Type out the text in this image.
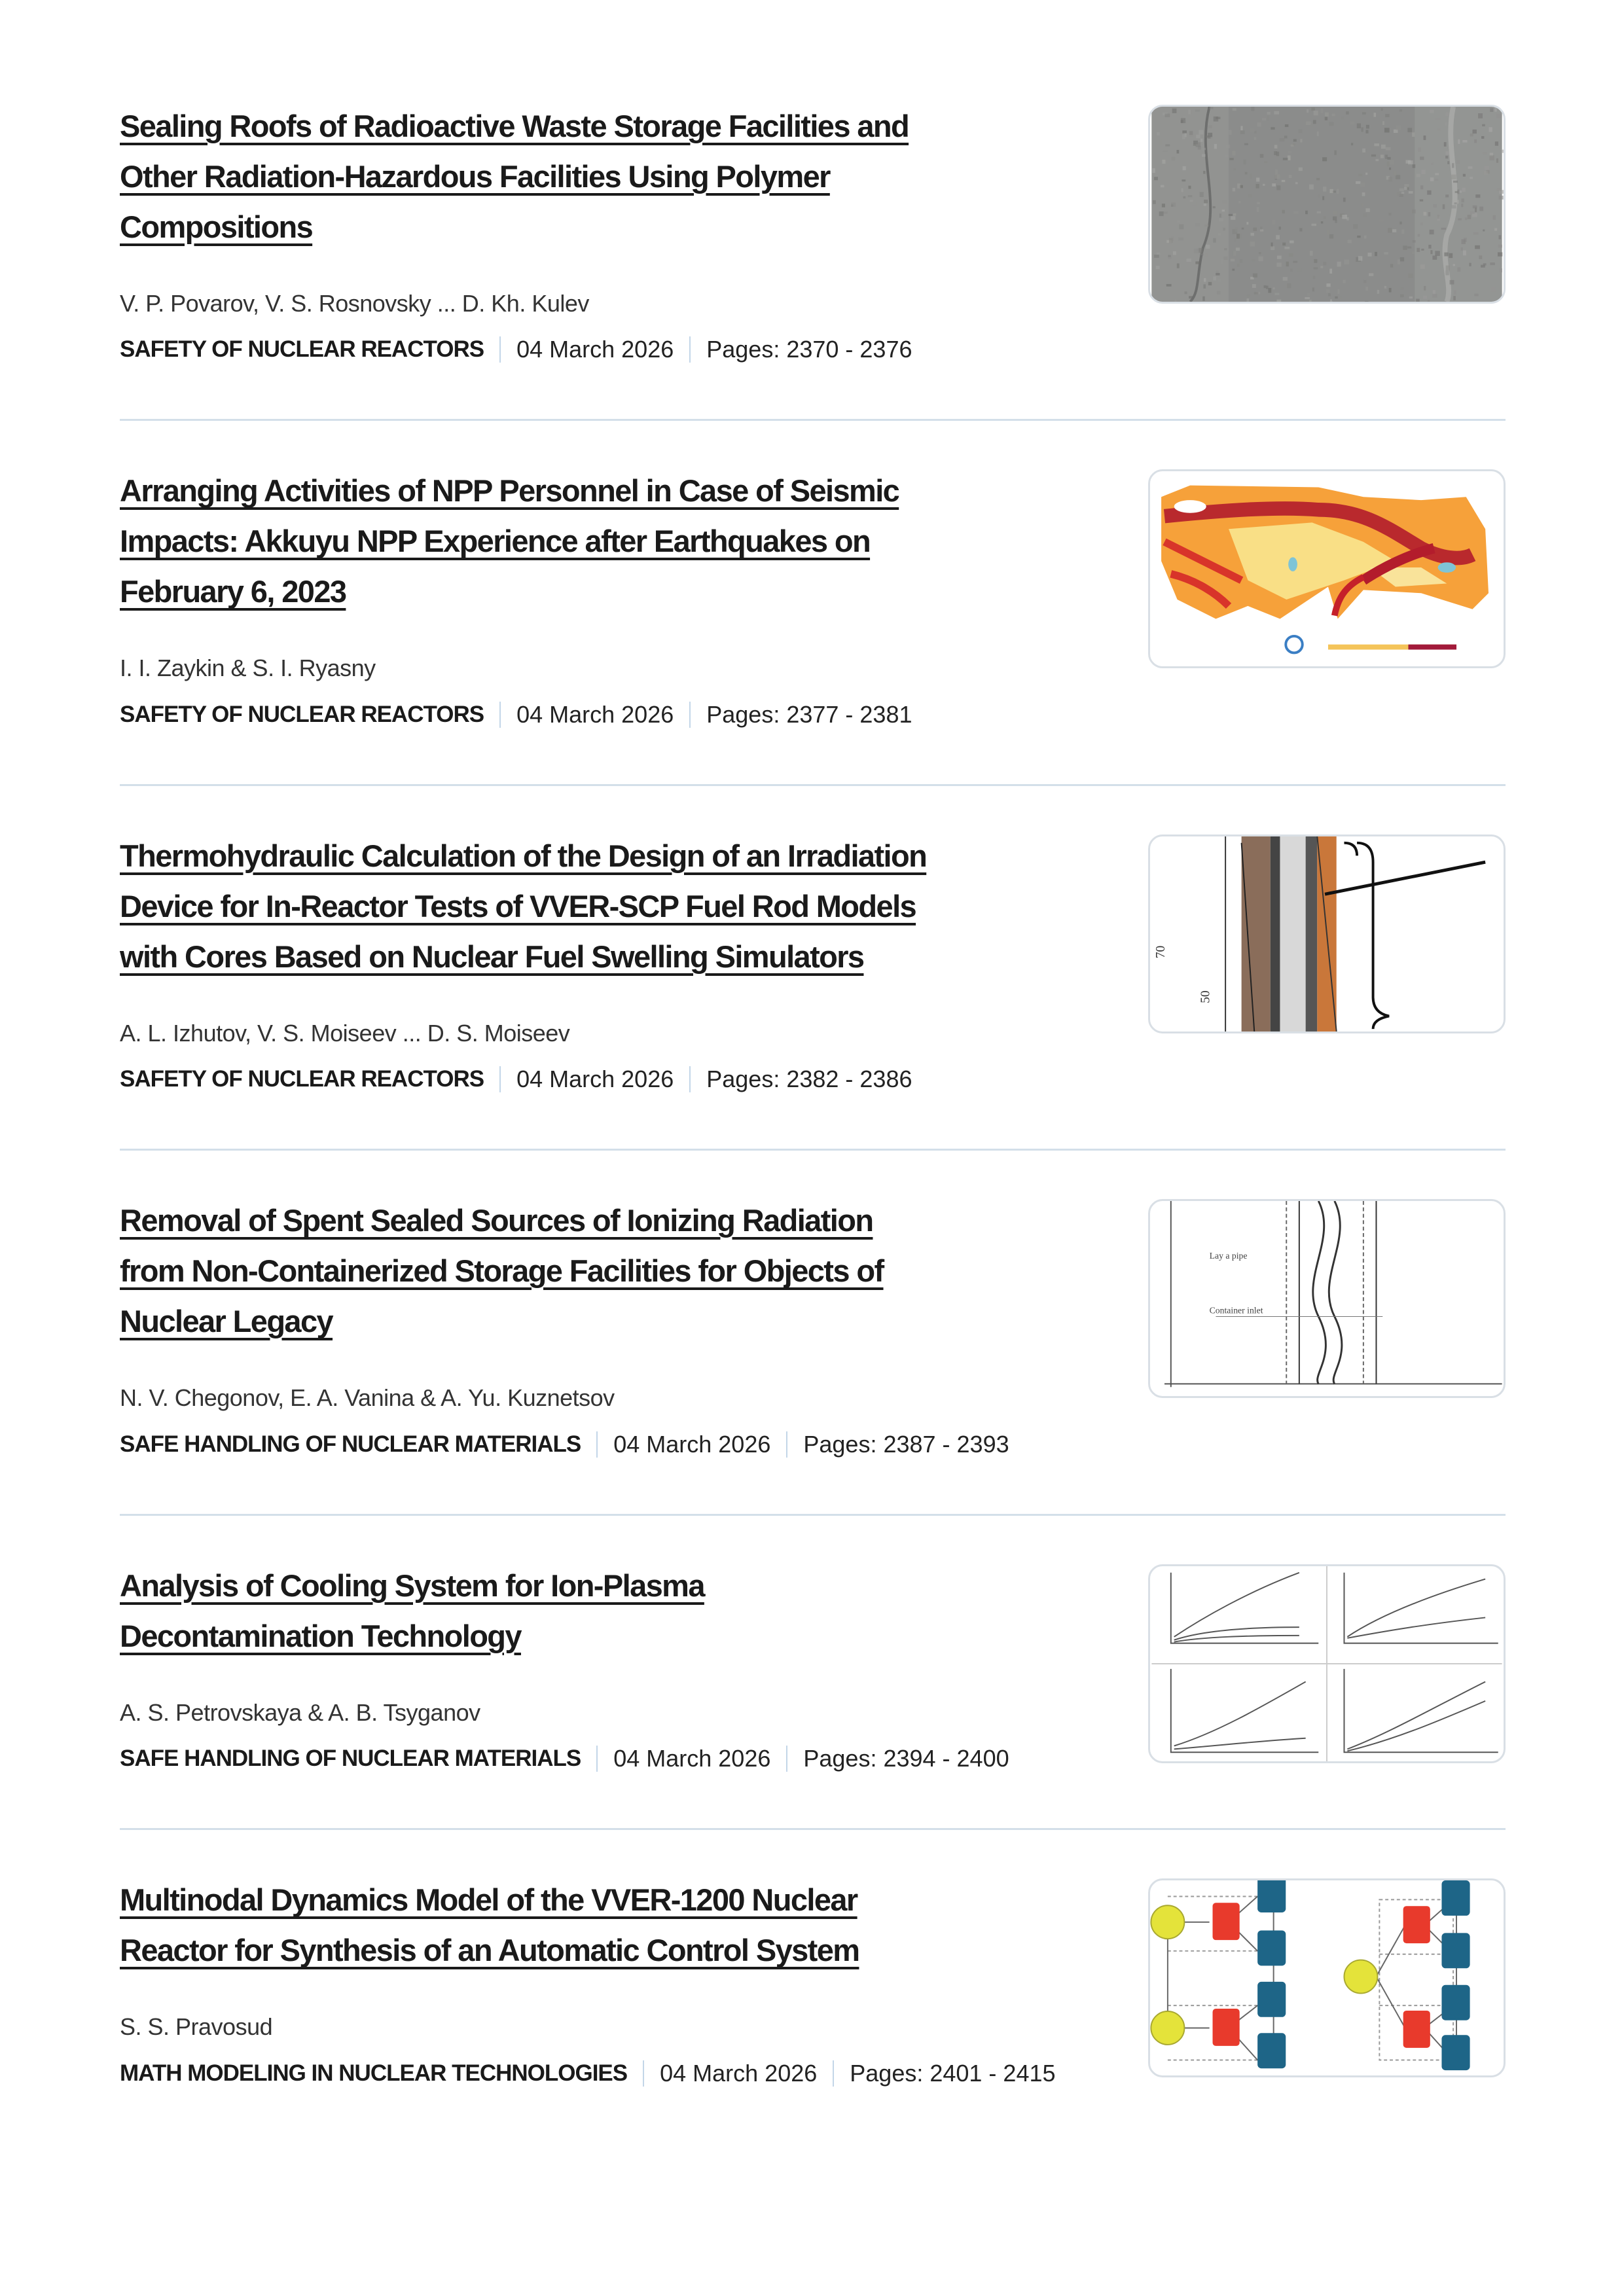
Sealing Roofs of Radioactive Waste Storage Facilities and
Other Radiation-Hazardous Facilities Using Polymer
Compositions
V. P. Povarov, V. S. Rosnovsky ... D. Kh. Kulev
SAFETY OF NUCLEAR REACTORS 04 March 2026 Pages: 2370 - 2376
Arranging Activities of NPP Personnel in Case of Seismic
Impacts: Akkuyu NPP Experience after Earthquakes on
February 6, 2023
I. I. Zaykin & S. I. Ryasny
SAFETY OF NUCLEAR REACTORS 04 March 2026 Pages: 2377 - 2381
Thermohydraulic Calculation of the Design of an Irradiation
Device for In-Reactor Tests of VVER-SCP Fuel Rod Models
with Cores Based on Nuclear Fuel Swelling Simulators
A. L. Izhutov, V. S. Moiseev ... D. S. Moiseev
SAFETY OF NUCLEAR REACTORS 04 March 2026 Pages: 2382 - 2386
70
50
Removal of Spent Sealed Sources of Ionizing Radiation
from Non-Containerized Storage Facilities for Objects of
Nuclear Legacy
N. V. Chegonov, E. A. Vanina & A. Yu. Kuznetsov
SAFE HANDLING OF NUCLEAR MATERIALS 04 March 2026 Pages: 2387 - 2393
Lay a pipe
Container inlet
Analysis of Cooling System for Ion-Plasma
Decontamination Technology
A. S. Petrovskaya & A. B. Tsyganov
SAFE HANDLING OF NUCLEAR MATERIALS 04 March 2026 Pages: 2394 - 2400
Multinodal Dynamics Model of the VVER-1200 Nuclear
Reactor for Synthesis of an Automatic Control System
S. S. Pravosud
MATH MODELING IN NUCLEAR TECHNOLOGIES 04 March 2026 Pages: 2401 - 2415
